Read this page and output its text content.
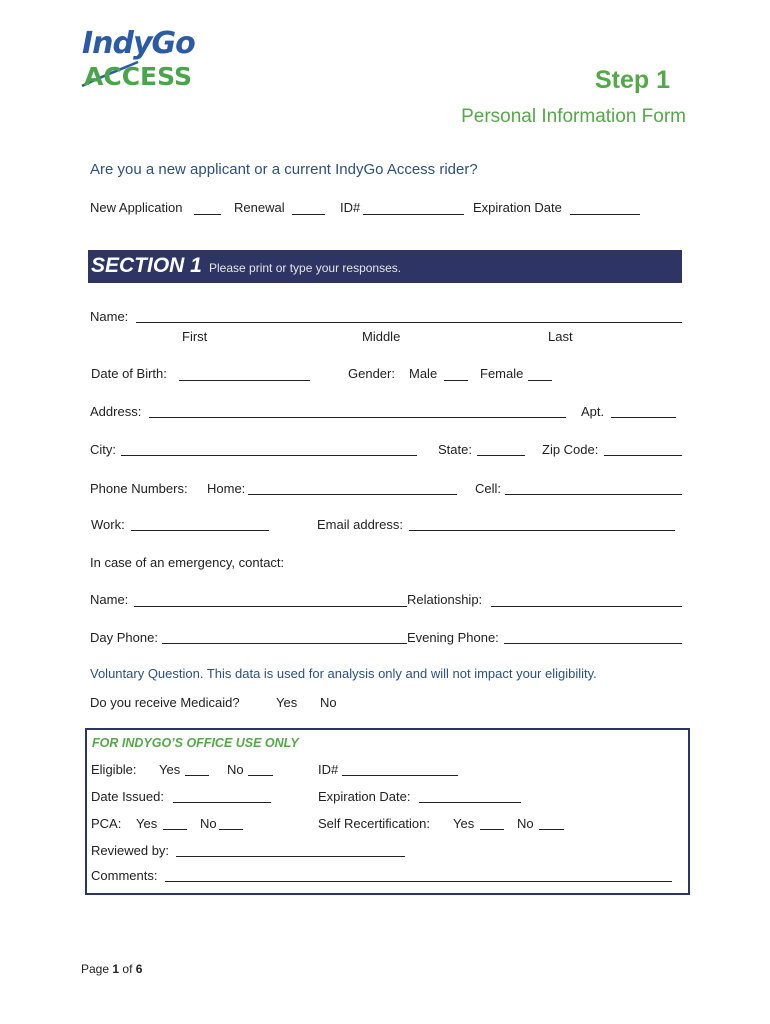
IndyGo
ACCESS	Step 1
Personal Information Form
Are you a new applicant or a current IndyGo Access rider?
New Application	Renewal	ID#	Expiration Date
SECTION 1 Please print or type your responses.
Name:
First	Middle	Last
Date of Birth:	Gender: Male	Female
Address:	Apt.
City:	State:	Zip Code:
Phone Numbers: Home:	Cell:
Work:	Email address:
In case of an emergency, contact:
Name:	Relationship:
Day Phone:	Evening Phone:
Voluntary Question. This data is used for analysis only and will not impact your eligibility.
Do you receive Medicaid?	Yes No
FOR INDYGO’S OFFICE USE ONLY
Eligible: Yes	No	ID#
Date Issued:	Expiration Date:
PCA: Yes	No	Self Recertification: Yes	No
Reviewed by:
Comments:
Page 1 of 6
